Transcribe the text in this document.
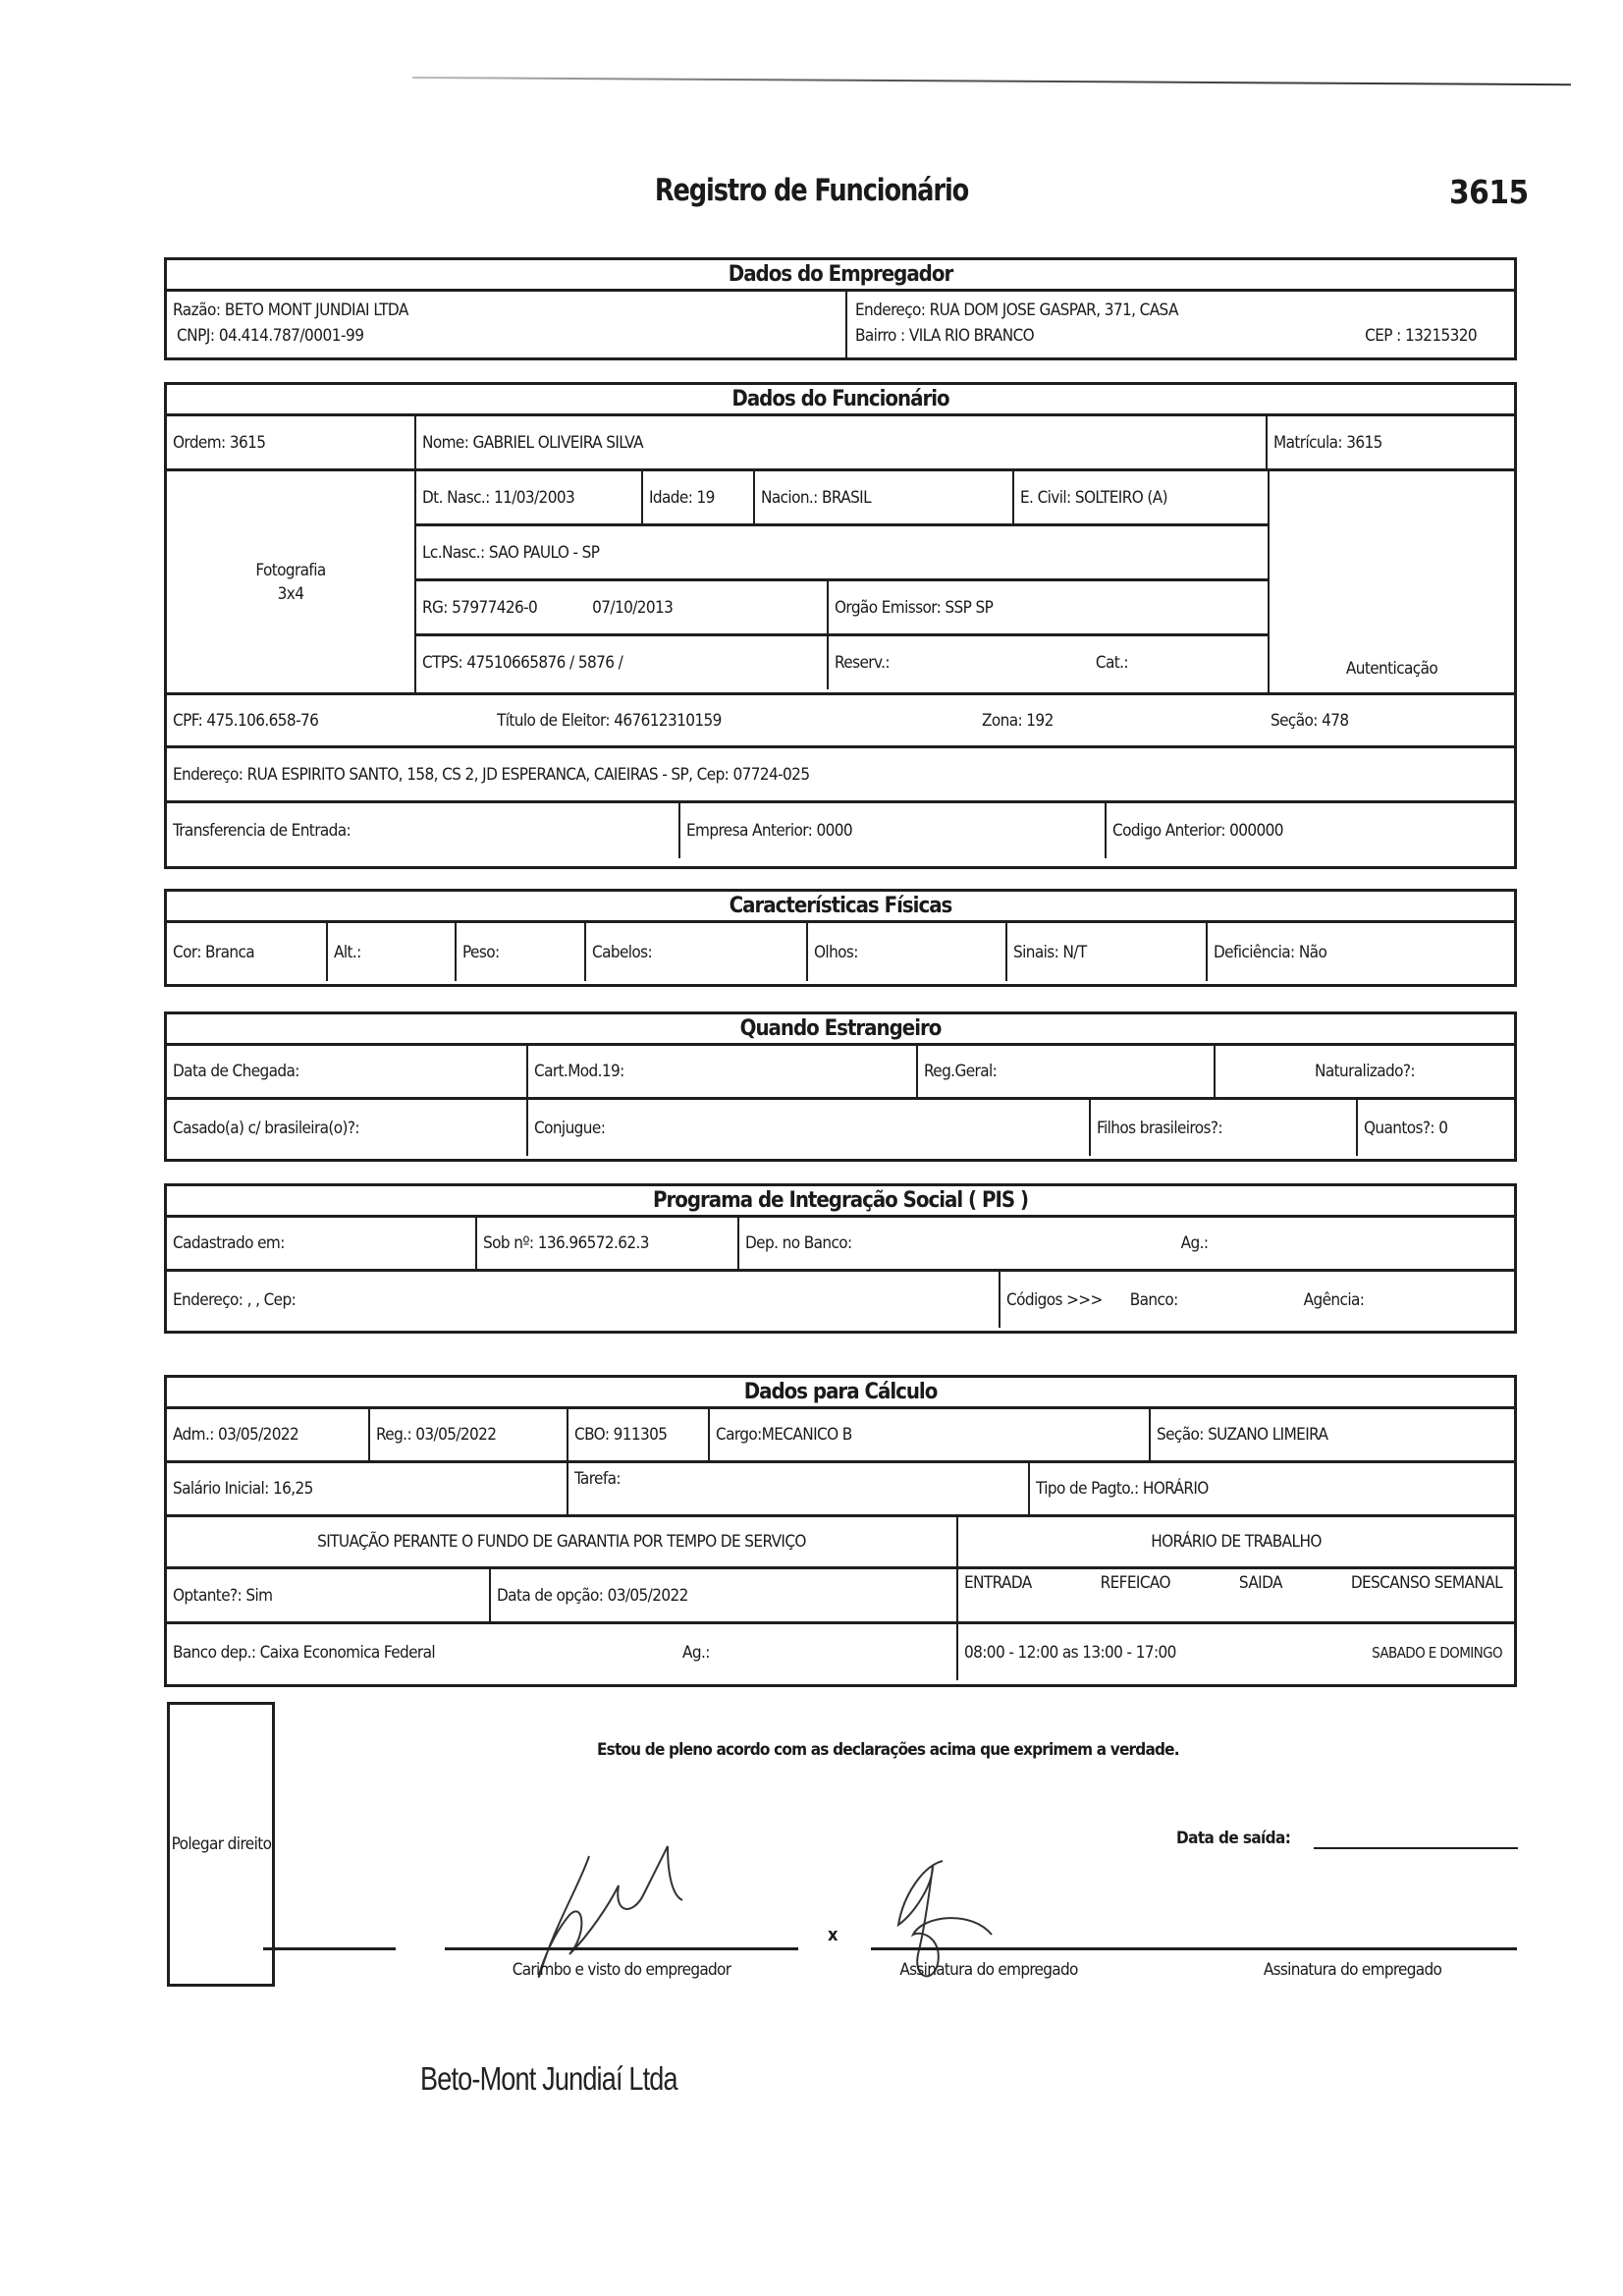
Registro de Funcionário	3615
Dados do Empregador
Razão: BETO MONT JUNDIAI LTDA
CNPJ: 04.414.787/0001-99
Endereço: RUA DOM JOSE GASPAR, 371, CASA
Bairro : VILA RIO BRANCO	CEP : 13215320
Dados do Funcionário
Ordem: 3615	Nome: GABRIEL OLIVEIRA SILVA	Matrícula: 3615
Fotografia
3x4
Dt. Nasc.: 11/03/2003	Idade: 19	Nacion.: BRASIL	E. Civil: SOLTEIRO (A)
Lc.Nasc.: SAO PAULO - SP
RG: 57977426-0	07/10/2013	Orgão Emissor: SSP SP
CTPS: 47510665876 / 5876 /	Reserv.:	Cat.:	Autenticação
CPF: 475.106.658-76	Título de Eleitor: 467612310159	Zona: 192	Seção: 478
Endereço: RUA ESPIRITO SANTO, 158, CS 2, JD ESPERANCA, CAIEIRAS - SP, Cep: 07724-025
Transferencia de Entrada:	Empresa Anterior: 0000	Codigo Anterior: 000000
Características Físicas
Cor: Branca	Alt.:	Peso:	Cabelos:	Olhos:	Sinais: N/T	Deficiência: Não
Quando Estrangeiro
Data de Chegada:	Cart.Mod.19:	Reg.Geral:	Naturalizado?:
Casado(a) c/ brasileira(o)?:	Conjugue:	Filhos brasileiros?:	Quantos?: 0
Programa de Integração Social ( PIS )
Cadastrado em:	Sob nº: 136.96572.62.3	Dep. no Banco:	Ag.:
Endereço: , , Cep:	Códigos >>> Banco:	Agência:
Dados para Cálculo
Adm.: 03/05/2022	Reg.: 03/05/2022	CBO: 911305	Cargo:MECANICO B	Seção: SUZANO LIMEIRA
Salário Inicial: 16,25	Tarefa:	Tipo de Pagto.: HORÁRIO
SITUAÇÃO PERANTE O FUNDO DE GARANTIA POR TEMPO DE SERVIÇO	HORÁRIO DE TRABALHO
Optante?: Sim	Data de opção: 03/05/2022
ENTRADA	REFEICAO	SAIDA	DESCANSO SEMANAL
Banco dep.: Caixa Economica Federal	Ag.:	08:00 - 12:00 as 13:00 - 17:00	SABADO E DOMINGO
Polegar direito
Estou de pleno acordo com as declarações acima que exprimem a verdade.
Data de saída:
x
Carimbo e visto do empregador	Assinatura do empregado	Assinatura do empregado
Beto-Mont Jundiaí Ltda
